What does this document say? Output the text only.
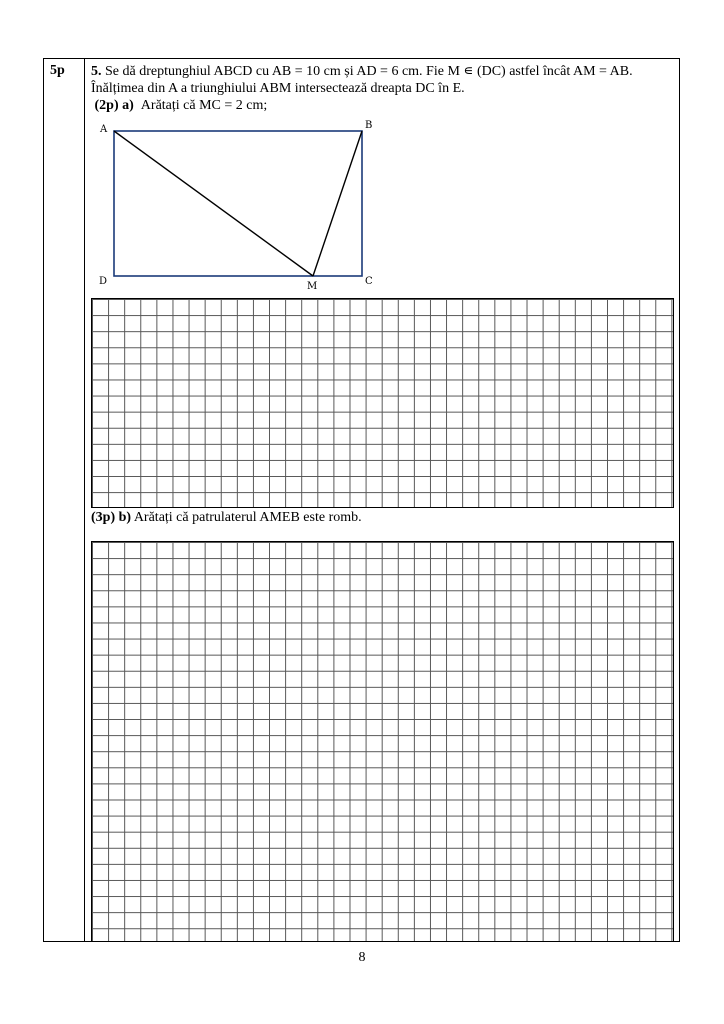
5p 5. Se dă dreptunghiul ABCD cu AB = 10 cm și AD = 6 cm. Fie M ∊ (DC) astfel încât AM = AB.
Înălțimea din A a triunghiului ABM intersectează dreapta DC în E.
(2p) a) Arătați că MC = 2 cm;
A	B
C
D	M
(3p) b) Arătați că patrulaterul AMEB este romb.
8
